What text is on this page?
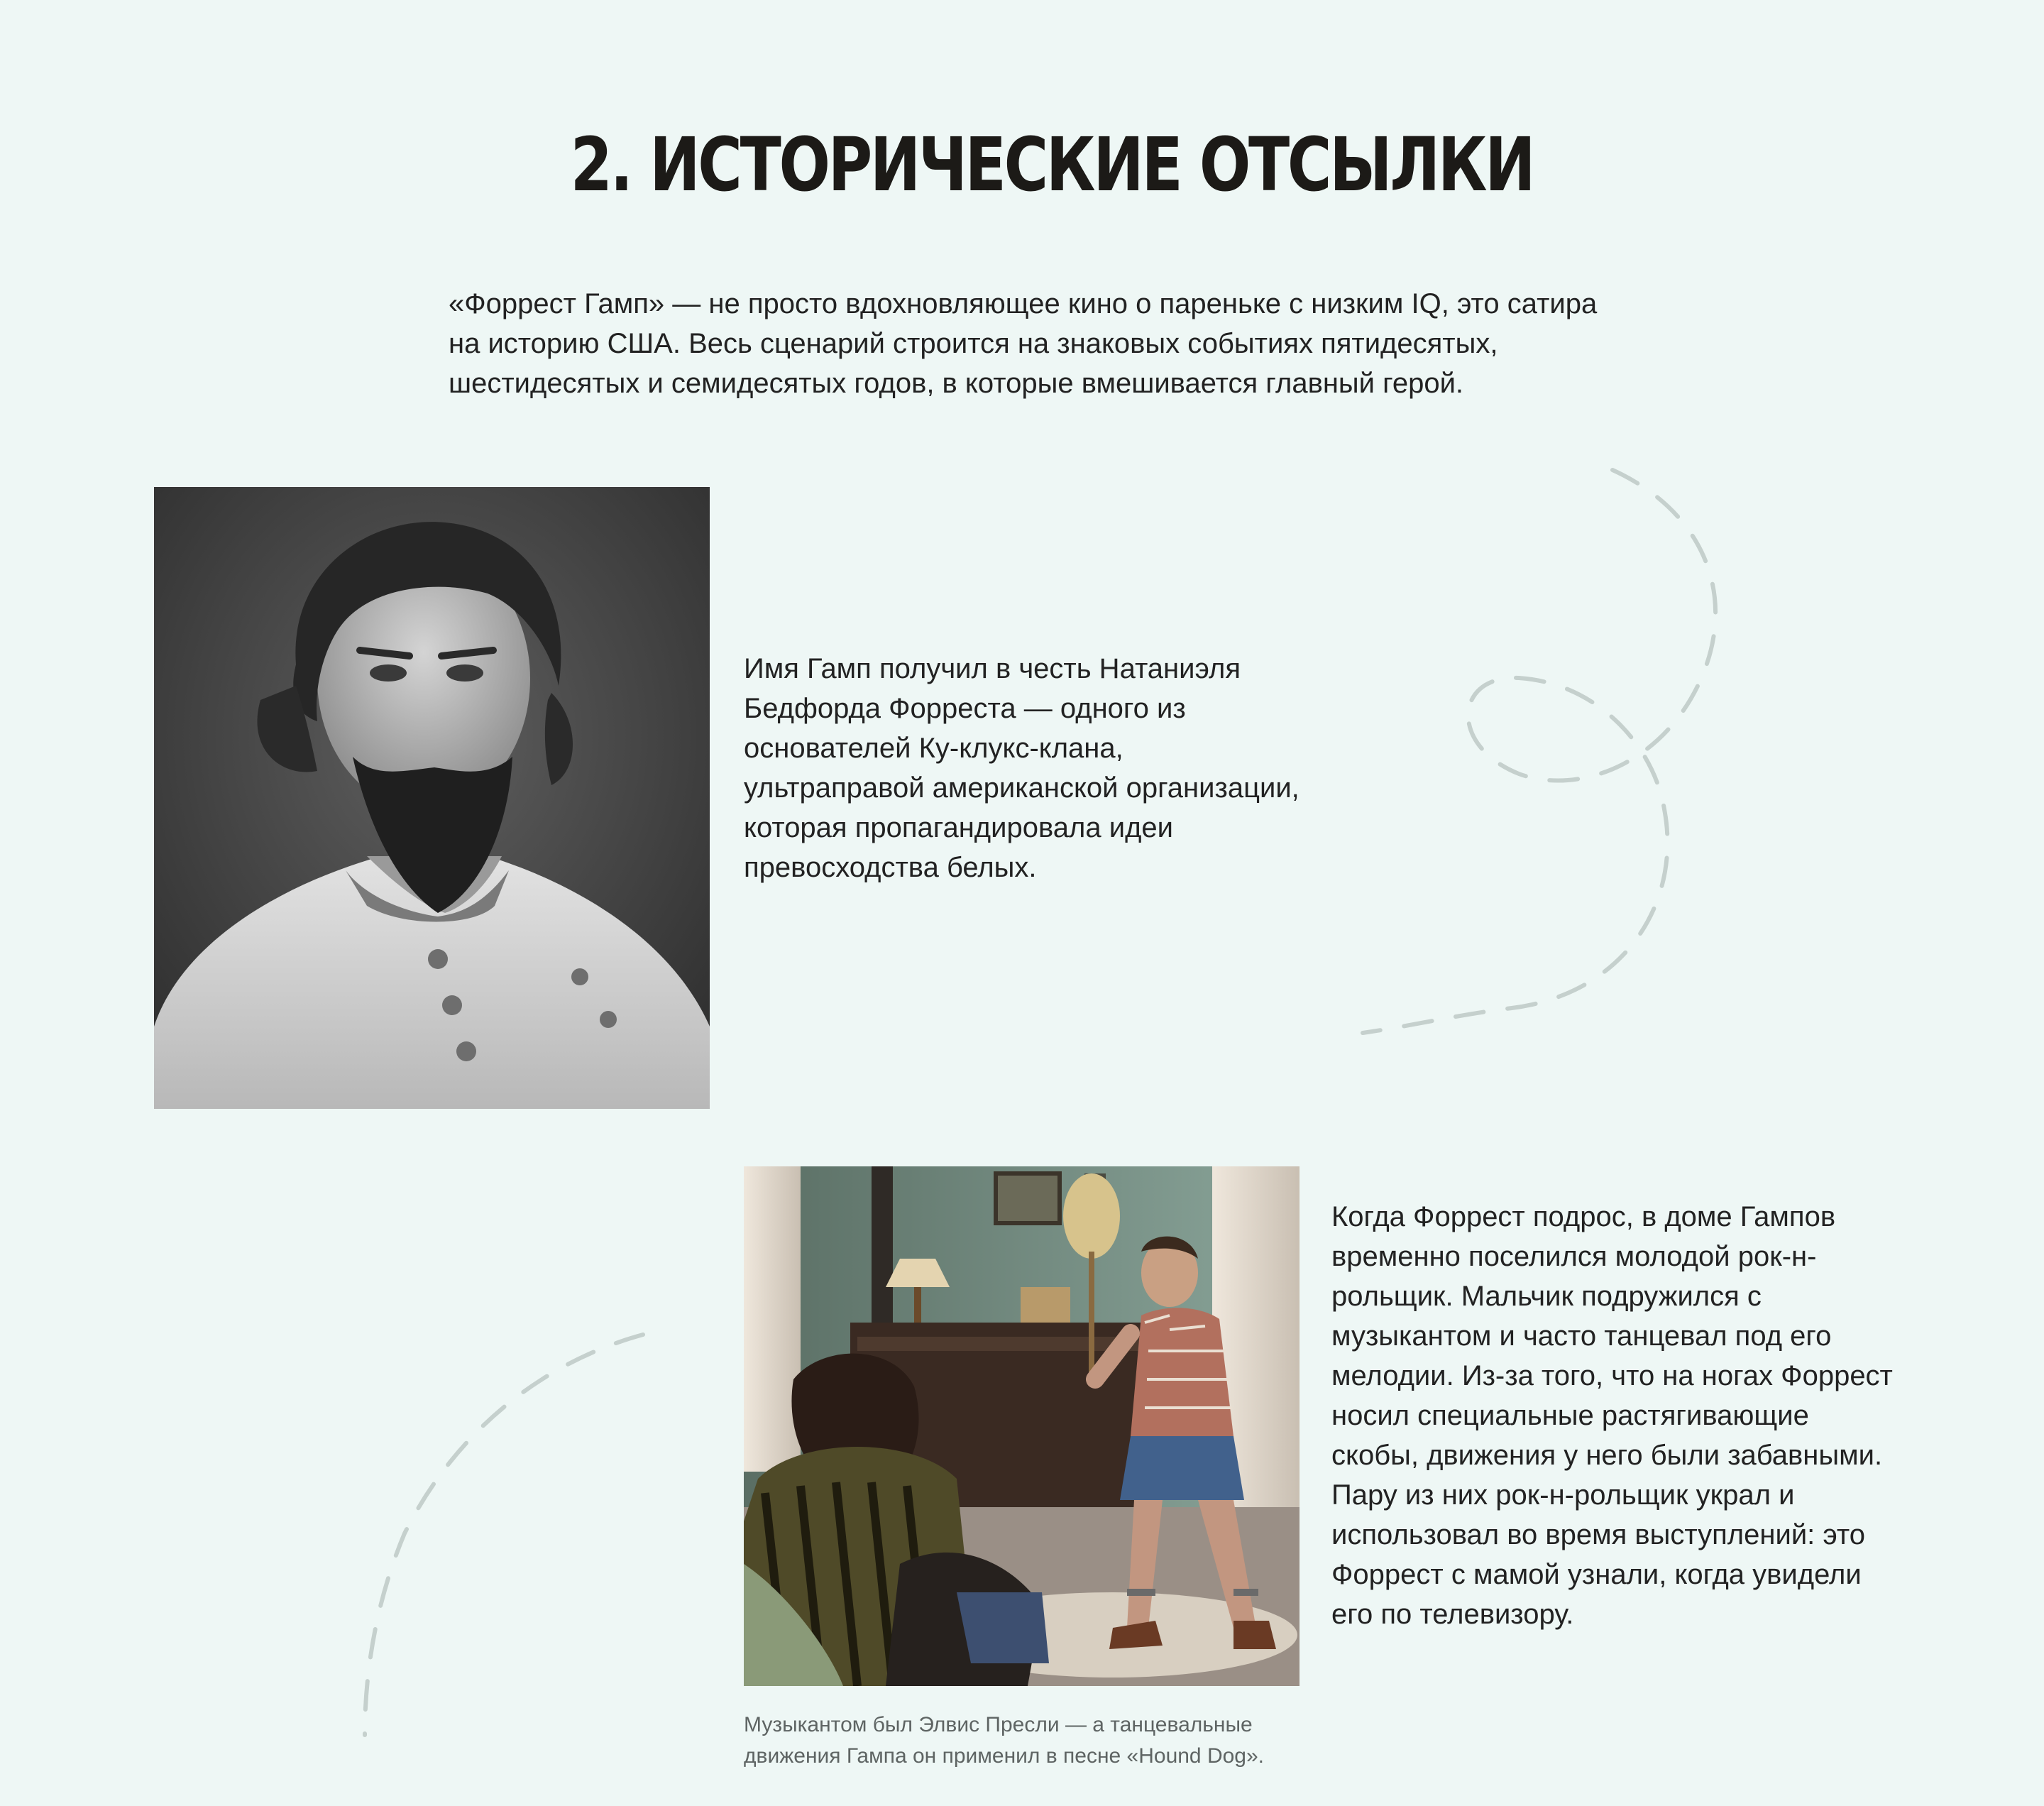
2. ИСТОРИЧЕСКИЕ ОТСЫЛКИ

«Форрест Гамп» — не просто вдохновляющее кино о пареньке с низким IQ, это сатира на историю США. Весь сценарий строится на знаковых событиях пятидесятых, шестидесятых и семидесятых годов, в которые вмешивается главный герой.

Имя Гамп получил в честь Натаниэля Бедфорда Форреста — одного из основателей Ку-клукс-клана, ультраправой американской организации, которая пропагандировала идеи превосходства белых.

Когда Форрест подрос, в доме Гампов временно поселился молодой рок-н-рольщик. Мальчик подружился с музыкантом и часто танцевал под его мелодии. Из-за того, что на ногах Форрест носил специальные растягивающие скобы, движения у него были забавными. Пару из них рок-н-рольщик украл и использовал во время выступлений: это Форрест с мамой узнали, когда увидели его по телевизору.

Музыкантом был Элвис Пресли — а танцевальные движения Гампа он применил в песне «Hound Dog».
